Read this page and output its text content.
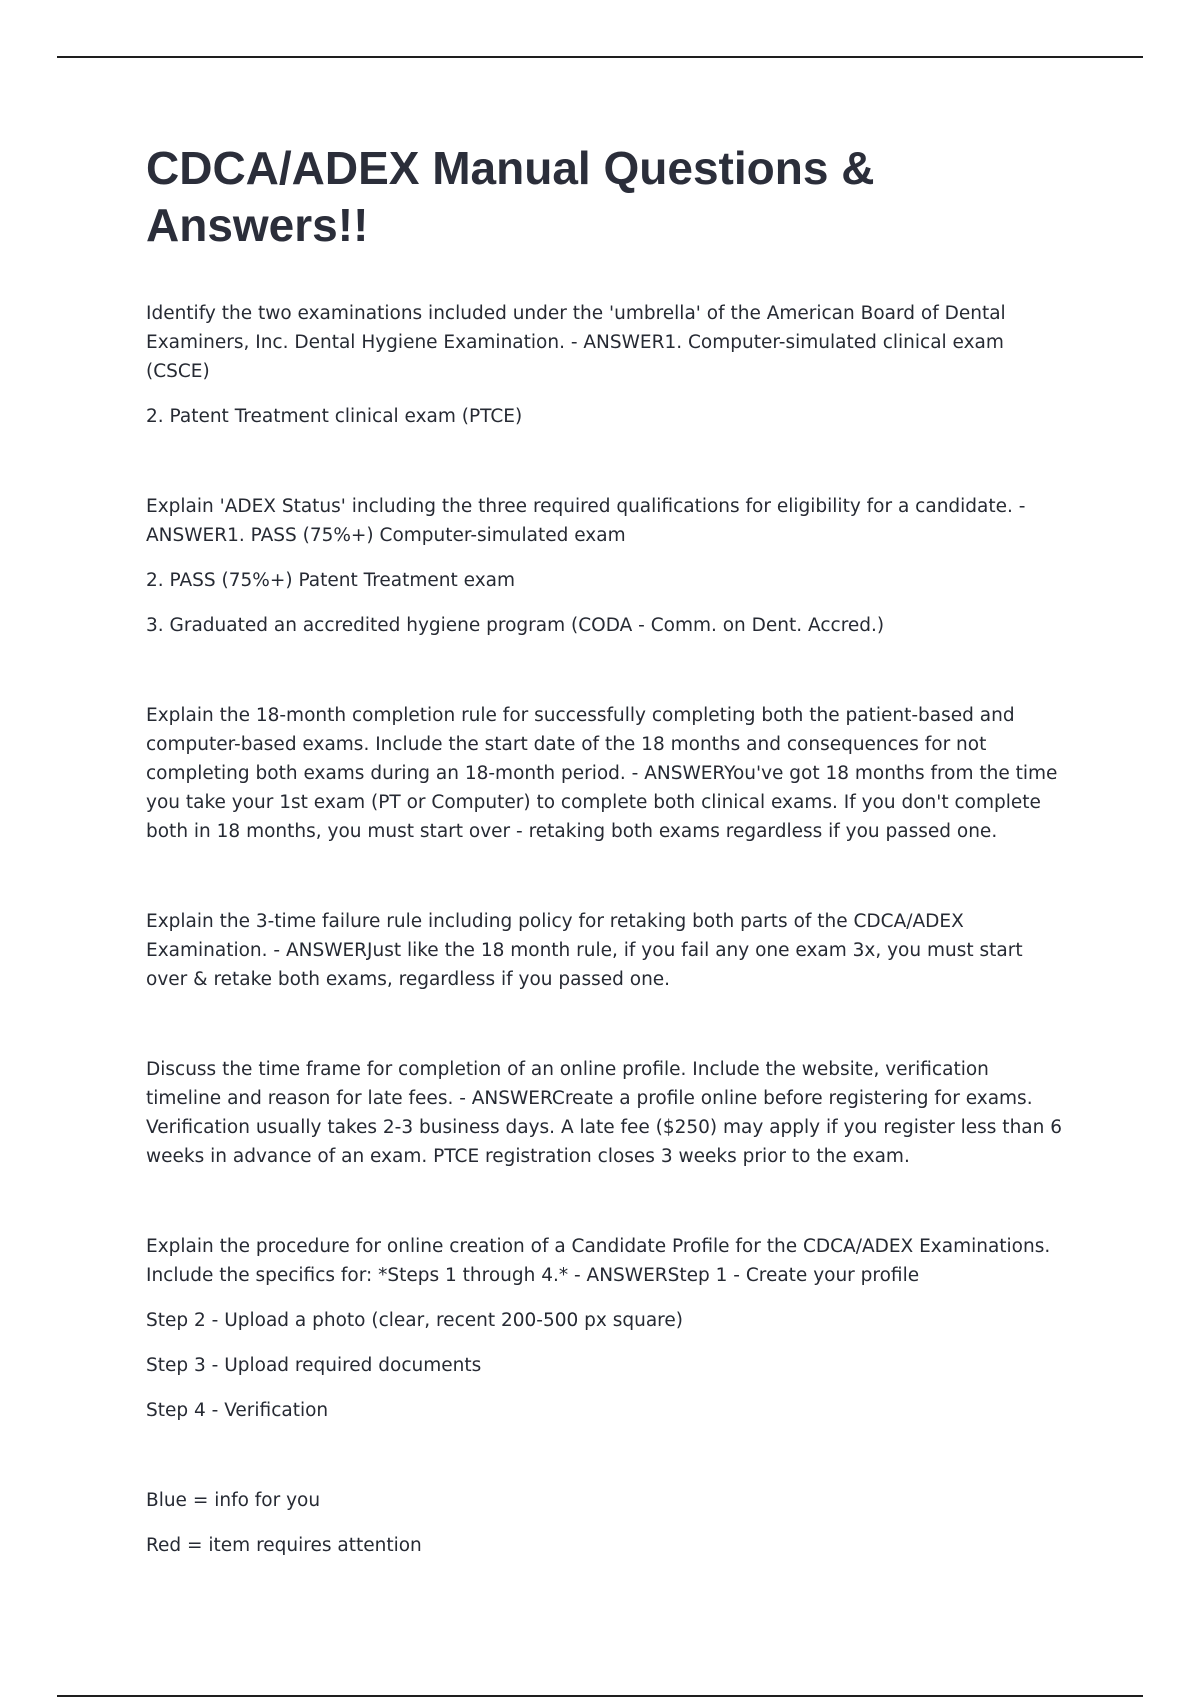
CDCA/ADEX Manual Questions & Answers!!

Identify the two examinations included under the 'umbrella' of the American Board of Dental Examiners, Inc. Dental Hygiene Examination. - ANSWER1. Computer-simulated clinical exam (CSCE)

2. Patent Treatment clinical exam (PTCE)

Explain 'ADEX Status' including the three required qualifications for eligibility for a candidate. - ANSWER1. PASS (75%+) Computer-simulated exam

2. PASS (75%+) Patent Treatment exam

3. Graduated an accredited hygiene program (CODA - Comm. on Dent. Accred.)

Explain the 18-month completion rule for successfully completing both the patient-based and computer-based exams. Include the start date of the 18 months and consequences for not completing both exams during an 18-month period. - ANSWERYou've got 18 months from the time you take your 1st exam (PT or Computer) to complete both clinical exams. If you don't complete both in 18 months, you must start over - retaking both exams regardless if you passed one.

Explain the 3-time failure rule including policy for retaking both parts of the CDCA/ADEX Examination. - ANSWERJust like the 18 month rule, if you fail any one exam 3x, you must start over & retake both exams, regardless if you passed one.

Discuss the time frame for completion of an online profile. Include the website, verification timeline and reason for late fees. - ANSWERCreate a profile online before registering for exams. Verification usually takes 2-3 business days. A late fee ($250) may apply if you register less than 6 weeks in advance of an exam. PTCE registration closes 3 weeks prior to the exam.

Explain the procedure for online creation of a Candidate Profile for the CDCA/ADEX Examinations. Include the specifics for: *Steps 1 through 4.* - ANSWERStep 1 - Create your profile

Step 2 - Upload a photo (clear, recent 200-500 px square)

Step 3 - Upload required documents

Step 4 - Verification

Blue = info for you

Red = item requires attention
